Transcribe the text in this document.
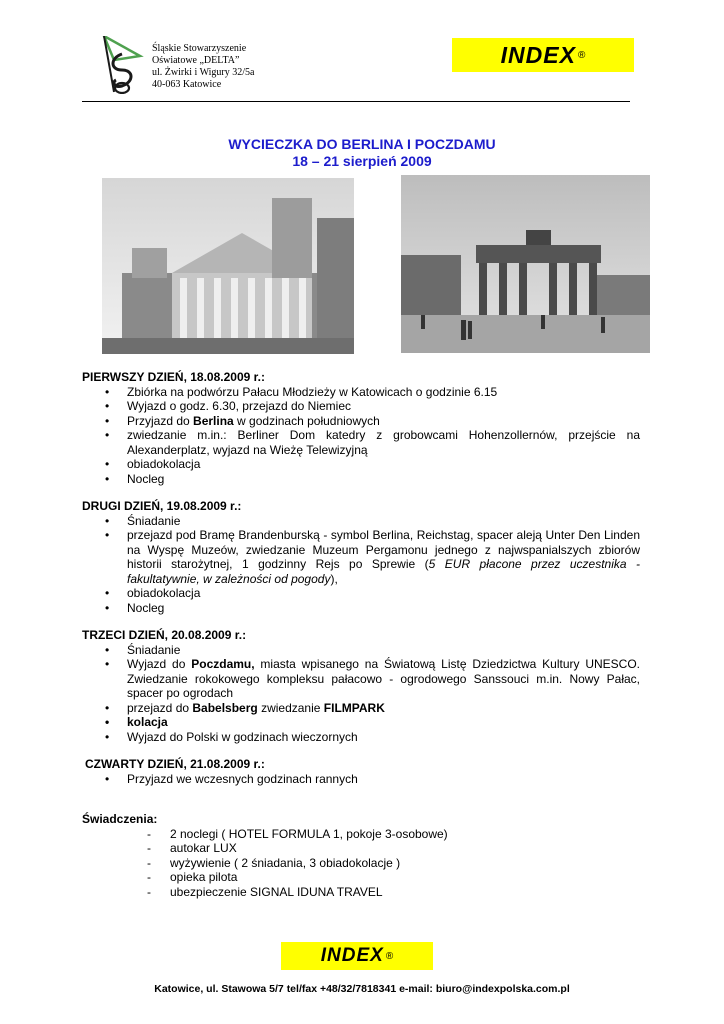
Śląskie Stowarzyszenie
Oświatowe „DELTA”
ul. Żwirki i Wigury 32/5a
40-063 Katowice
INDEX ®
WYCIECZKA DO BERLINA I POCZDAMU
18 – 21 sierpień 2009

PIERWSZY DZIEŃ, 18.08.2009 r.:

• Zbiórka na podwórzu Pałacu Młodzieży w Katowicach o godzinie 6.15
• Wyjazd o godz. 6.30, przejazd do Niemiec
• Przyjazd do Berlina w godzinach południowych
• zwiedzanie m.in.: Berliner Dom katedry z grobowcami Hohenzollernów, przejście na Alexanderplatz, wyjazd na Wieżę Telewizyjną
• obiadokolacja
• Nocleg

DRUGI DZIEŃ, 19.08.2009 r.:

• Śniadanie
• przejazd pod Bramę Brandenburską - symbol Berlina, Reichstag, spacer aleją Unter Den Linden na Wyspę Muzeów, zwiedzanie Muzeum Pergamonu jednego z najwspanialszych zbiorów historii starożytnej, 1 godzinny Rejs po Sprewie (5 EUR płacone przez uczestnika - fakultatywnie, w zależności od pogody),
• obiadokolacja
• Nocleg

TRZECI DZIEŃ, 20.08.2009 r.:

• Śniadanie
• Wyjazd do Poczdamu, miasta wpisanego na Światową Listę Dziedzictwa Kultury UNESCO. Zwiedzanie rokokowego kompleksu pałacowo - ogrodowego Sanssouci m.in. Nowy Pałac, spacer po ogrodach
• przejazd do Babelsberg zwiedzanie FILMPARK
• kolacja
• Wyjazd do Polski w godzinach wieczornych

CZWARTY DZIEŃ, 21.08.2009 r.:

• Przyjazd we wczesnych godzinach rannych

Świadczenia:

- 2 noclegi ( HOTEL FORMULA 1, pokoje 3-osobowe)
- autokar LUX
- wyżywienie ( 2 śniadania, 3 obiadokolacje )
- opieka pilota
- ubezpieczenie SIGNAL IDUNA TRAVEL
INDEX ®
Katowice, ul. Stawowa 5/7 tel/fax +48/32/7818341 e-mail: biuro@indexpolska.com.pl
